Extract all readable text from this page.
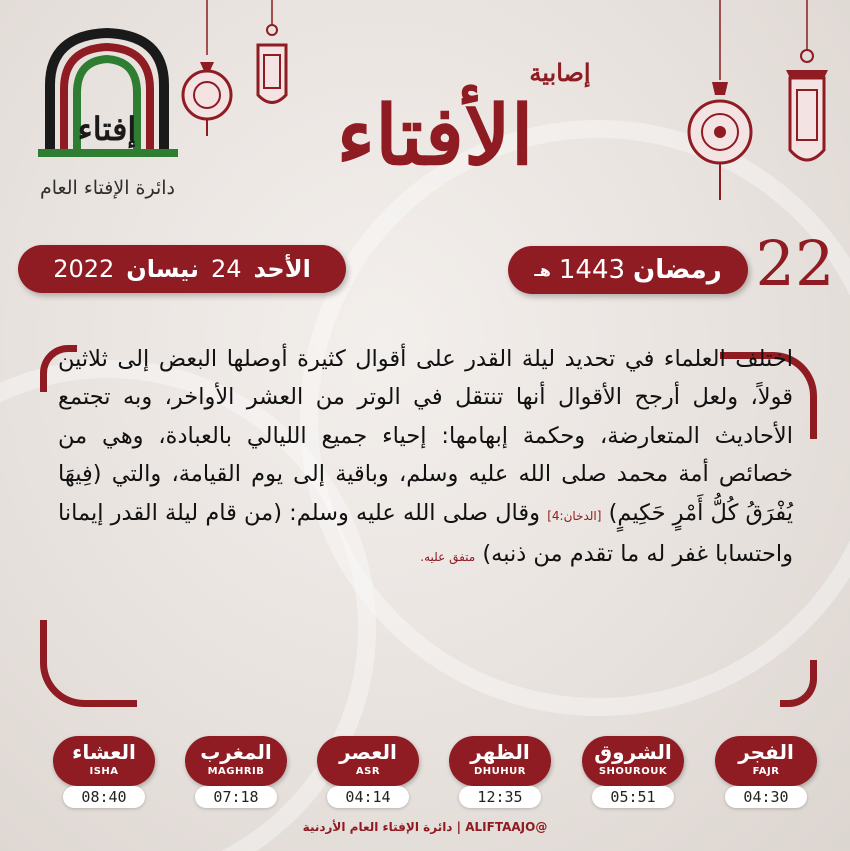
إفتاء
دائرة الإفتاء العام
إصابية
الأفتاء
22
رمضان
1443
هـ
الأحد
24
نيسان
2022
اختلف العلماء في تحديد ليلة القدر على أقوال كثيرة أوصلها البعض إلى ثلاثين قولاً، ولعل أرجح الأقوال أنها تنتقل في الوتر من العشر الأواخر، وبه تجتمع الأحاديث المتعارضة، وحكمة إبهامها: إحياء جميع الليالي بالعبادة، وهي من خصائص أمة محمد صلى الله عليه وسلم، وباقية إلى يوم القيامة، والتي (فِيهَا يُفْرَقُ كُلُّ أَمْرٍ حَكِيمٍ) [الدخان:4] وقال صلى الله عليه وسلم: (من قام ليلة القدر إيمانا واحتسابا غفر له ما تقدم من ذنبه) متفق عليه.
الفجر
FAJR
04:30
الشروق
SHOUROUK
05:51
الظهر
DHUHUR
12:35
العصر
ASR
04:14
المغرب
MAGHRIB
07:18
العشاء
ISHA
08:40
@ALIFTAAJO | دائرة الإفتاء العام الأردنية
